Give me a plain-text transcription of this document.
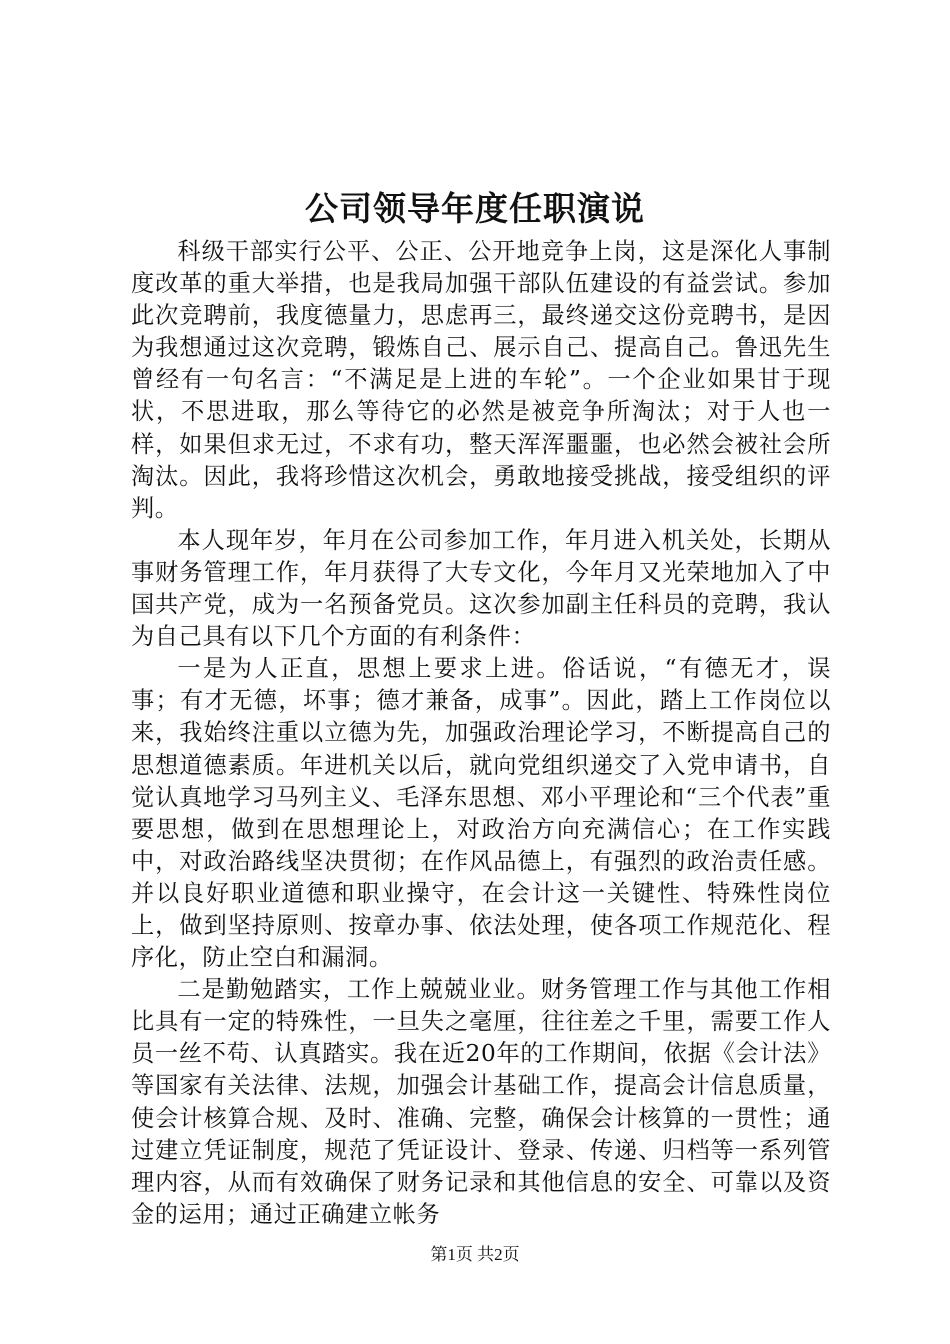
公司领导年度任职演说

科级干部实行公平、公正、公开地竞争上岗，这是深化人事制度改革的重大举措，也是我局加强干部队伍建设的有益尝试。参加此次竞聘前，我度德量力，思虑再三，最终递交这份竞聘书，是因为我想通过这次竞聘，锻炼自己、展示自己、提高自己。鲁迅先生曾经有一句名言：“不满足是上进的车轮”。一个企业如果甘于现状，不思进取，那么等待它的必然是被竞争所淘汰；对于人也一样，如果但求无过，不求有功，整天浑浑噩噩，也必然会被社会所淘汰。因此，我将珍惜这次机会，勇敢地接受挑战，接受组织的评判。

本人现年岁，年月在公司参加工作，年月进入机关处，长期从事财务管理工作，年月获得了大专文化，今年月又光荣地加入了中国共产党，成为一名预备党员。这次参加副主任科员的竞聘，我认为自己具有以下几个方面的有利条件：

一是为人正直，思想上要求上进。俗话说，“有德无才，误事；有才无德，坏事；德才兼备，成事”。因此，踏上工作岗位以来，我始终注重以立德为先，加强政治理论学习，不断提高自己的思想道德素质。年进机关以后，就向党组织递交了入党申请书，自觉认真地学习马列主义、毛泽东思想、邓小平理论和“三个代表”重要思想，做到在思想理论上，对政治方向充满信心；在工作实践中，对政治路线坚决贯彻；在作风品德上，有强烈的政治责任感。并以良好职业道德和职业操守，在会计这一关键性、特殊性岗位上，做到坚持原则、按章办事、依法处理，使各项工作规范化、程序化，防止空白和漏洞。

二是勤勉踏实，工作上兢兢业业。财务管理工作与其他工作相比具有一定的特殊性，一旦失之毫厘，往往差之千里，需要工作人员一丝不苟、认真踏实。我在近20年的工作期间，依据《会计法》等国家有关法律、法规，加强会计基础工作，提高会计信息质量，使会计核算合规、及时、准确、完整，确保会计核算的一贯性；通过建立凭证制度，规范了凭证设计、登录、传递、归档等一系列管理内容，从而有效确保了财务记录和其他信息的安全、可靠以及资金的运用；通过正确建立帐务

第1页 共2页
